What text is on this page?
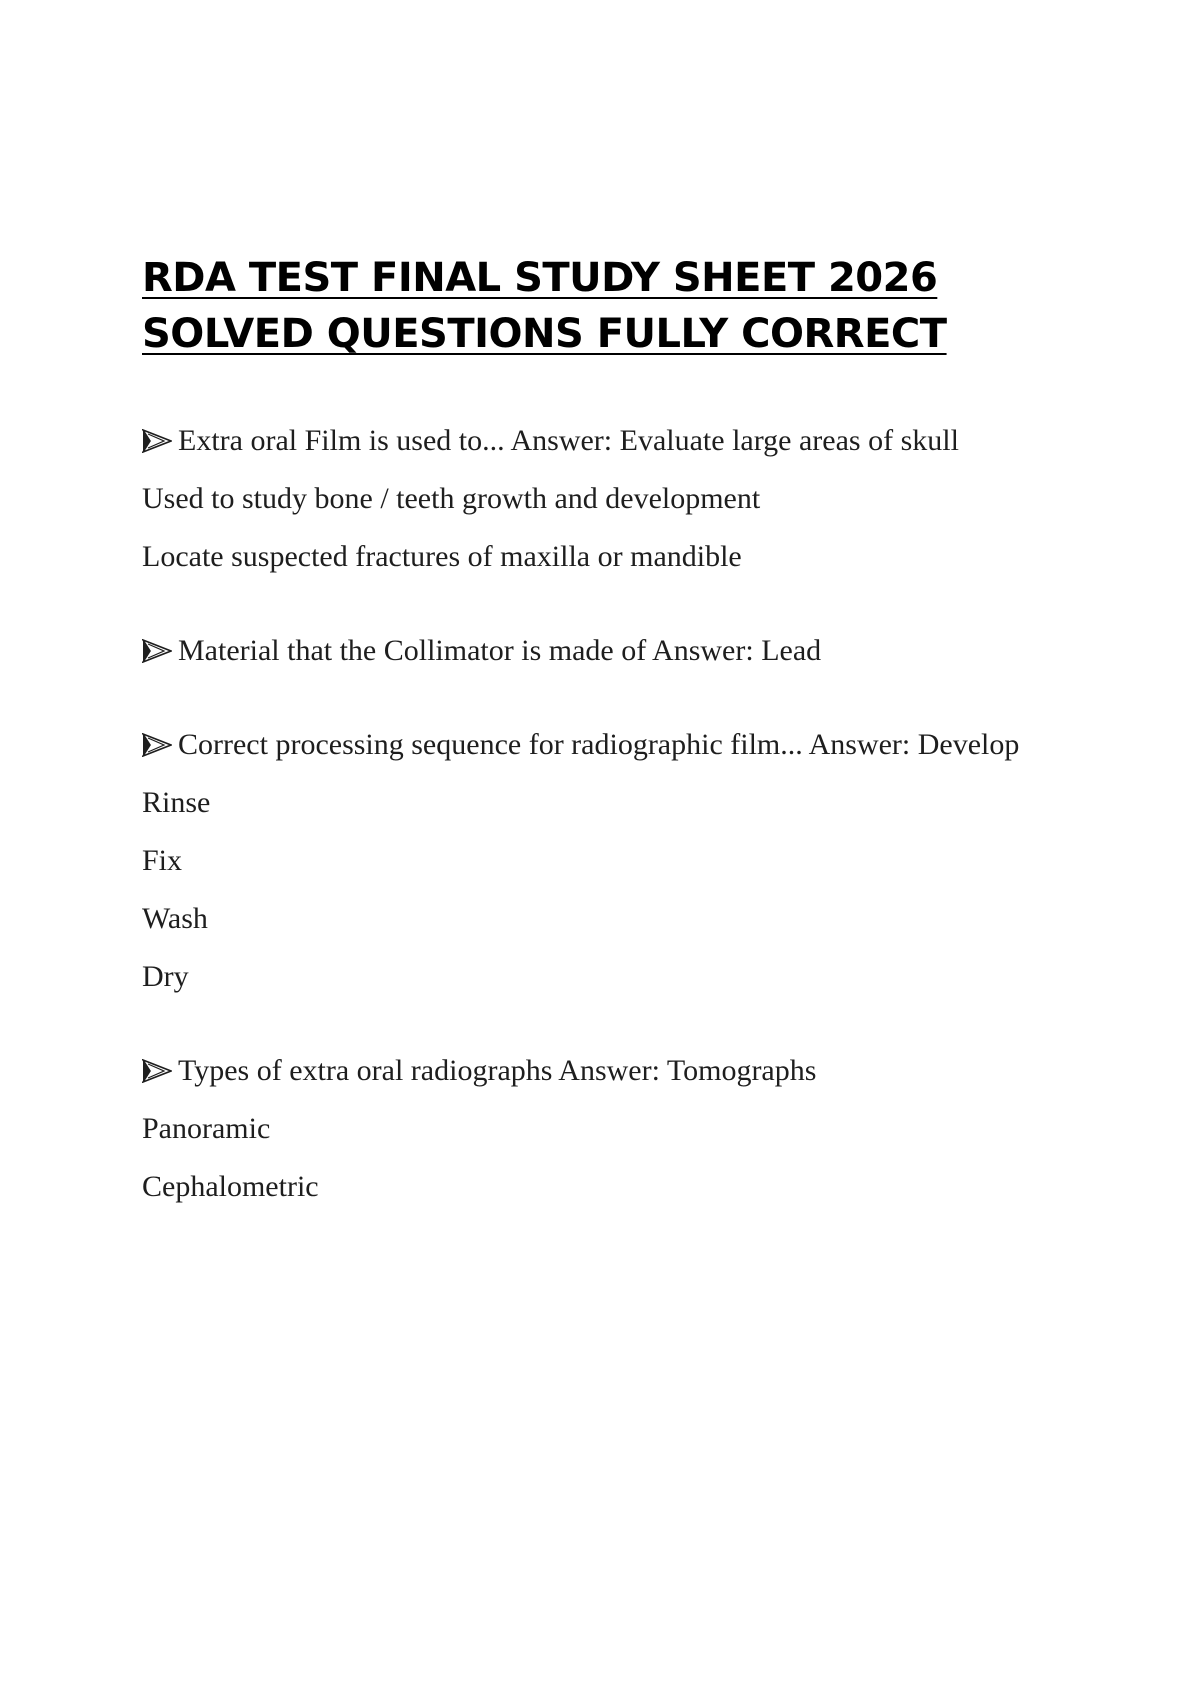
RDA TEST FINAL STUDY SHEET 2026
SOLVED QUESTIONS FULLY CORRECT

Extra oral Film is used to... Answer: Evaluate large areas of skull

Used to study bone / teeth growth and development

Locate suspected fractures of maxilla or mandible

Material that the Collimator is made of Answer: Lead

Correct processing sequence for radiographic film... Answer: Develop

Rinse

Fix

Wash

Dry

Types of extra oral radiographs Answer: Tomographs

Panoramic

Cephalometric
